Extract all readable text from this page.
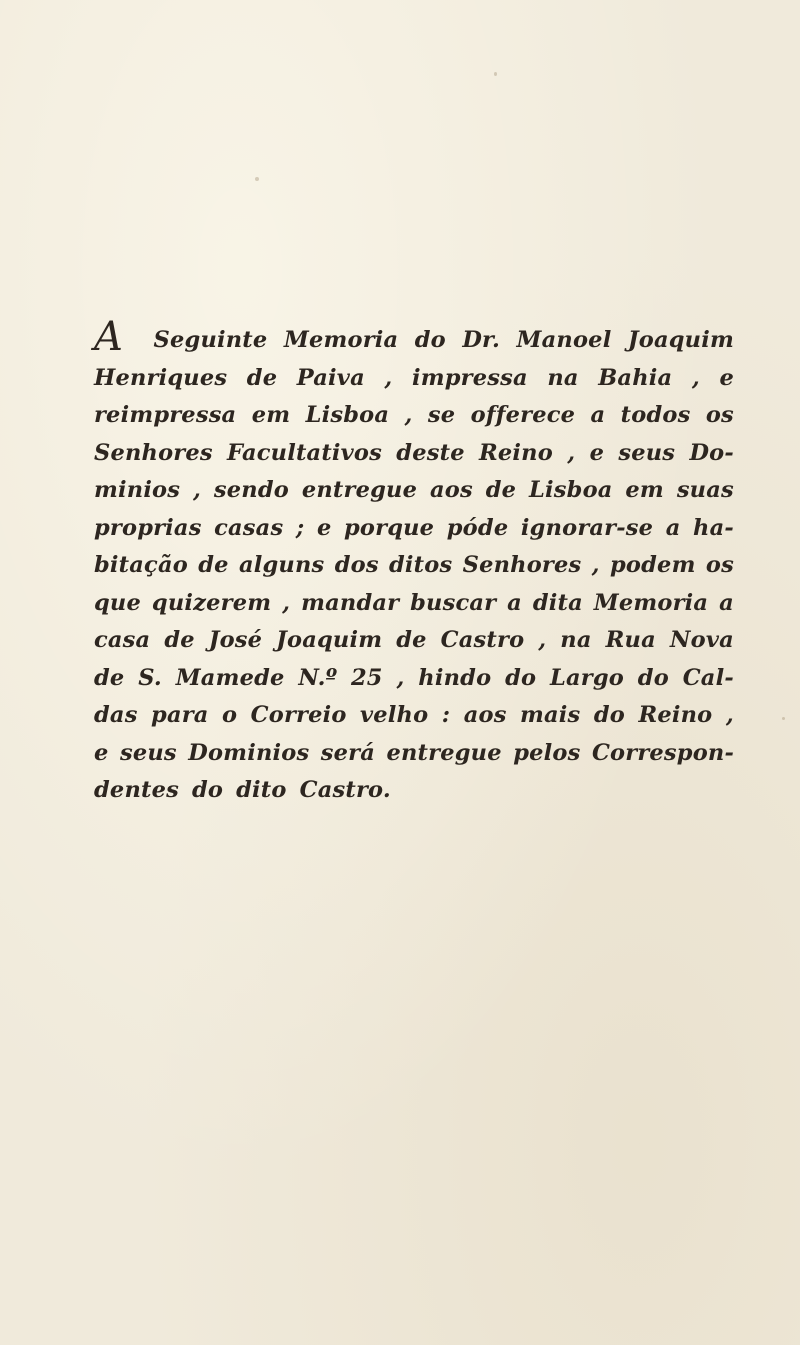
A Seguinte Memoria do Dr. Manoel Joaquim
Henriques de Paiva , impressa na Bahia , e
reimpressa em Lisboa , se offerece a todos os
Senhores Facultativos deste Reino , e seus Do-
minios , sendo entregue aos de Lisboa em suas
proprias casas ; e porque póde ignorar-se a ha-
bitação de alguns dos ditos Senhores , podem os
que quizerem , mandar buscar a dita Memoria a
casa de José Joaquim de Castro , na Rua Nova
de S. Mamede N.º 25 , hindo do Largo do Cal-
das para o Correio velho : aos mais do Reino ,
e seus Dominios será entregue pelos Correspon-
dentes do dito Castro.
